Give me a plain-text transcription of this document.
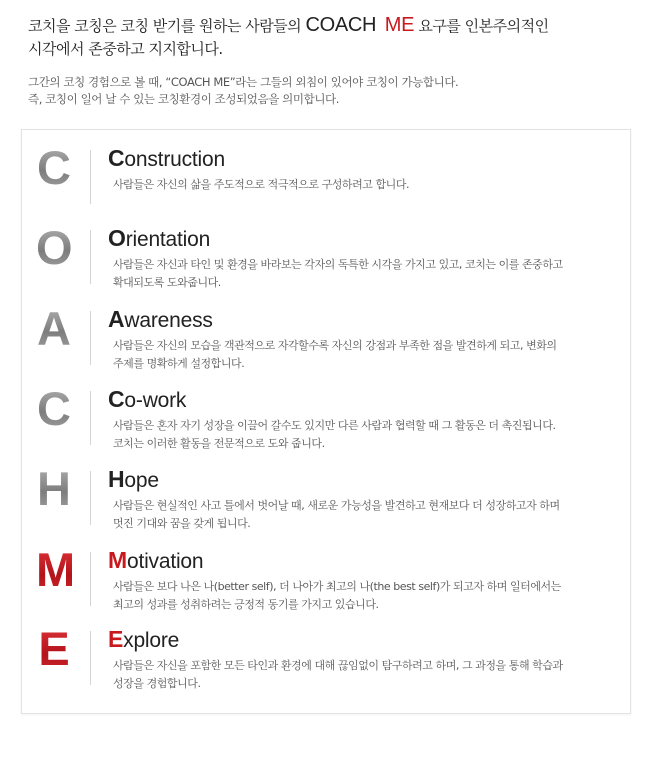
코치을 코칭은 코칭 받기를 원하는 사람들의 COACH ME 요구를 인본주의적인
시각에서 존중하고 지지합니다.
그간의 코칭 경험으로 볼 때, “COACH ME”라는 그들의 외침이 있어야 코칭이 가능합니다.
즉, 코칭이 일어 날 수 있는 코칭환경이 조성되었음을 의미합니다.
C Construction
사람들은 자신의 삶을 주도적으로 적극적으로 구성하려고 합니다.

O Orientation
사람들은 자신과 타인 및 환경을 바라보는 각자의 독특한 시각을 가지고 있고, 코치는 이를 존중하고
확대되도록 도와줍니다.
A Awareness
사람들은 자신의 모습을 객관적으로 자각할수록 자신의 강점과 부족한 점을 발견하게 되고, 변화의
주제를 명확하게 설정합니다.
C Co-work
사람들은 혼자 자기 성장을 이끌어 갈수도 있지만 다른 사람과 협력할 때 그 활동은 더 촉진됩니다.
코치는 이러한 활동을 전문적으로 도와 줍니다.
H Hope
사람들은 현실적인 사고 틀에서 벗어날 때, 새로운 가능성을 발견하고 현재보다 더 성장하고자 하며
멋진 기대와 꿈을 갖게 됩니다.
M Motivation
사람들은 보다 나은 나(better self), 더 나아가 최고의 나(the best self)가 되고자 하며 일터에서는
최고의 성과를 성취하려는 긍정적 동기를 가지고 있습니다.
E Explore
사람들은 자신을 포함한 모든 타인과 환경에 대해 끊임없이 탐구하려고 하며, 그 과정을 통해 학습과
성장을 경험합니다.
